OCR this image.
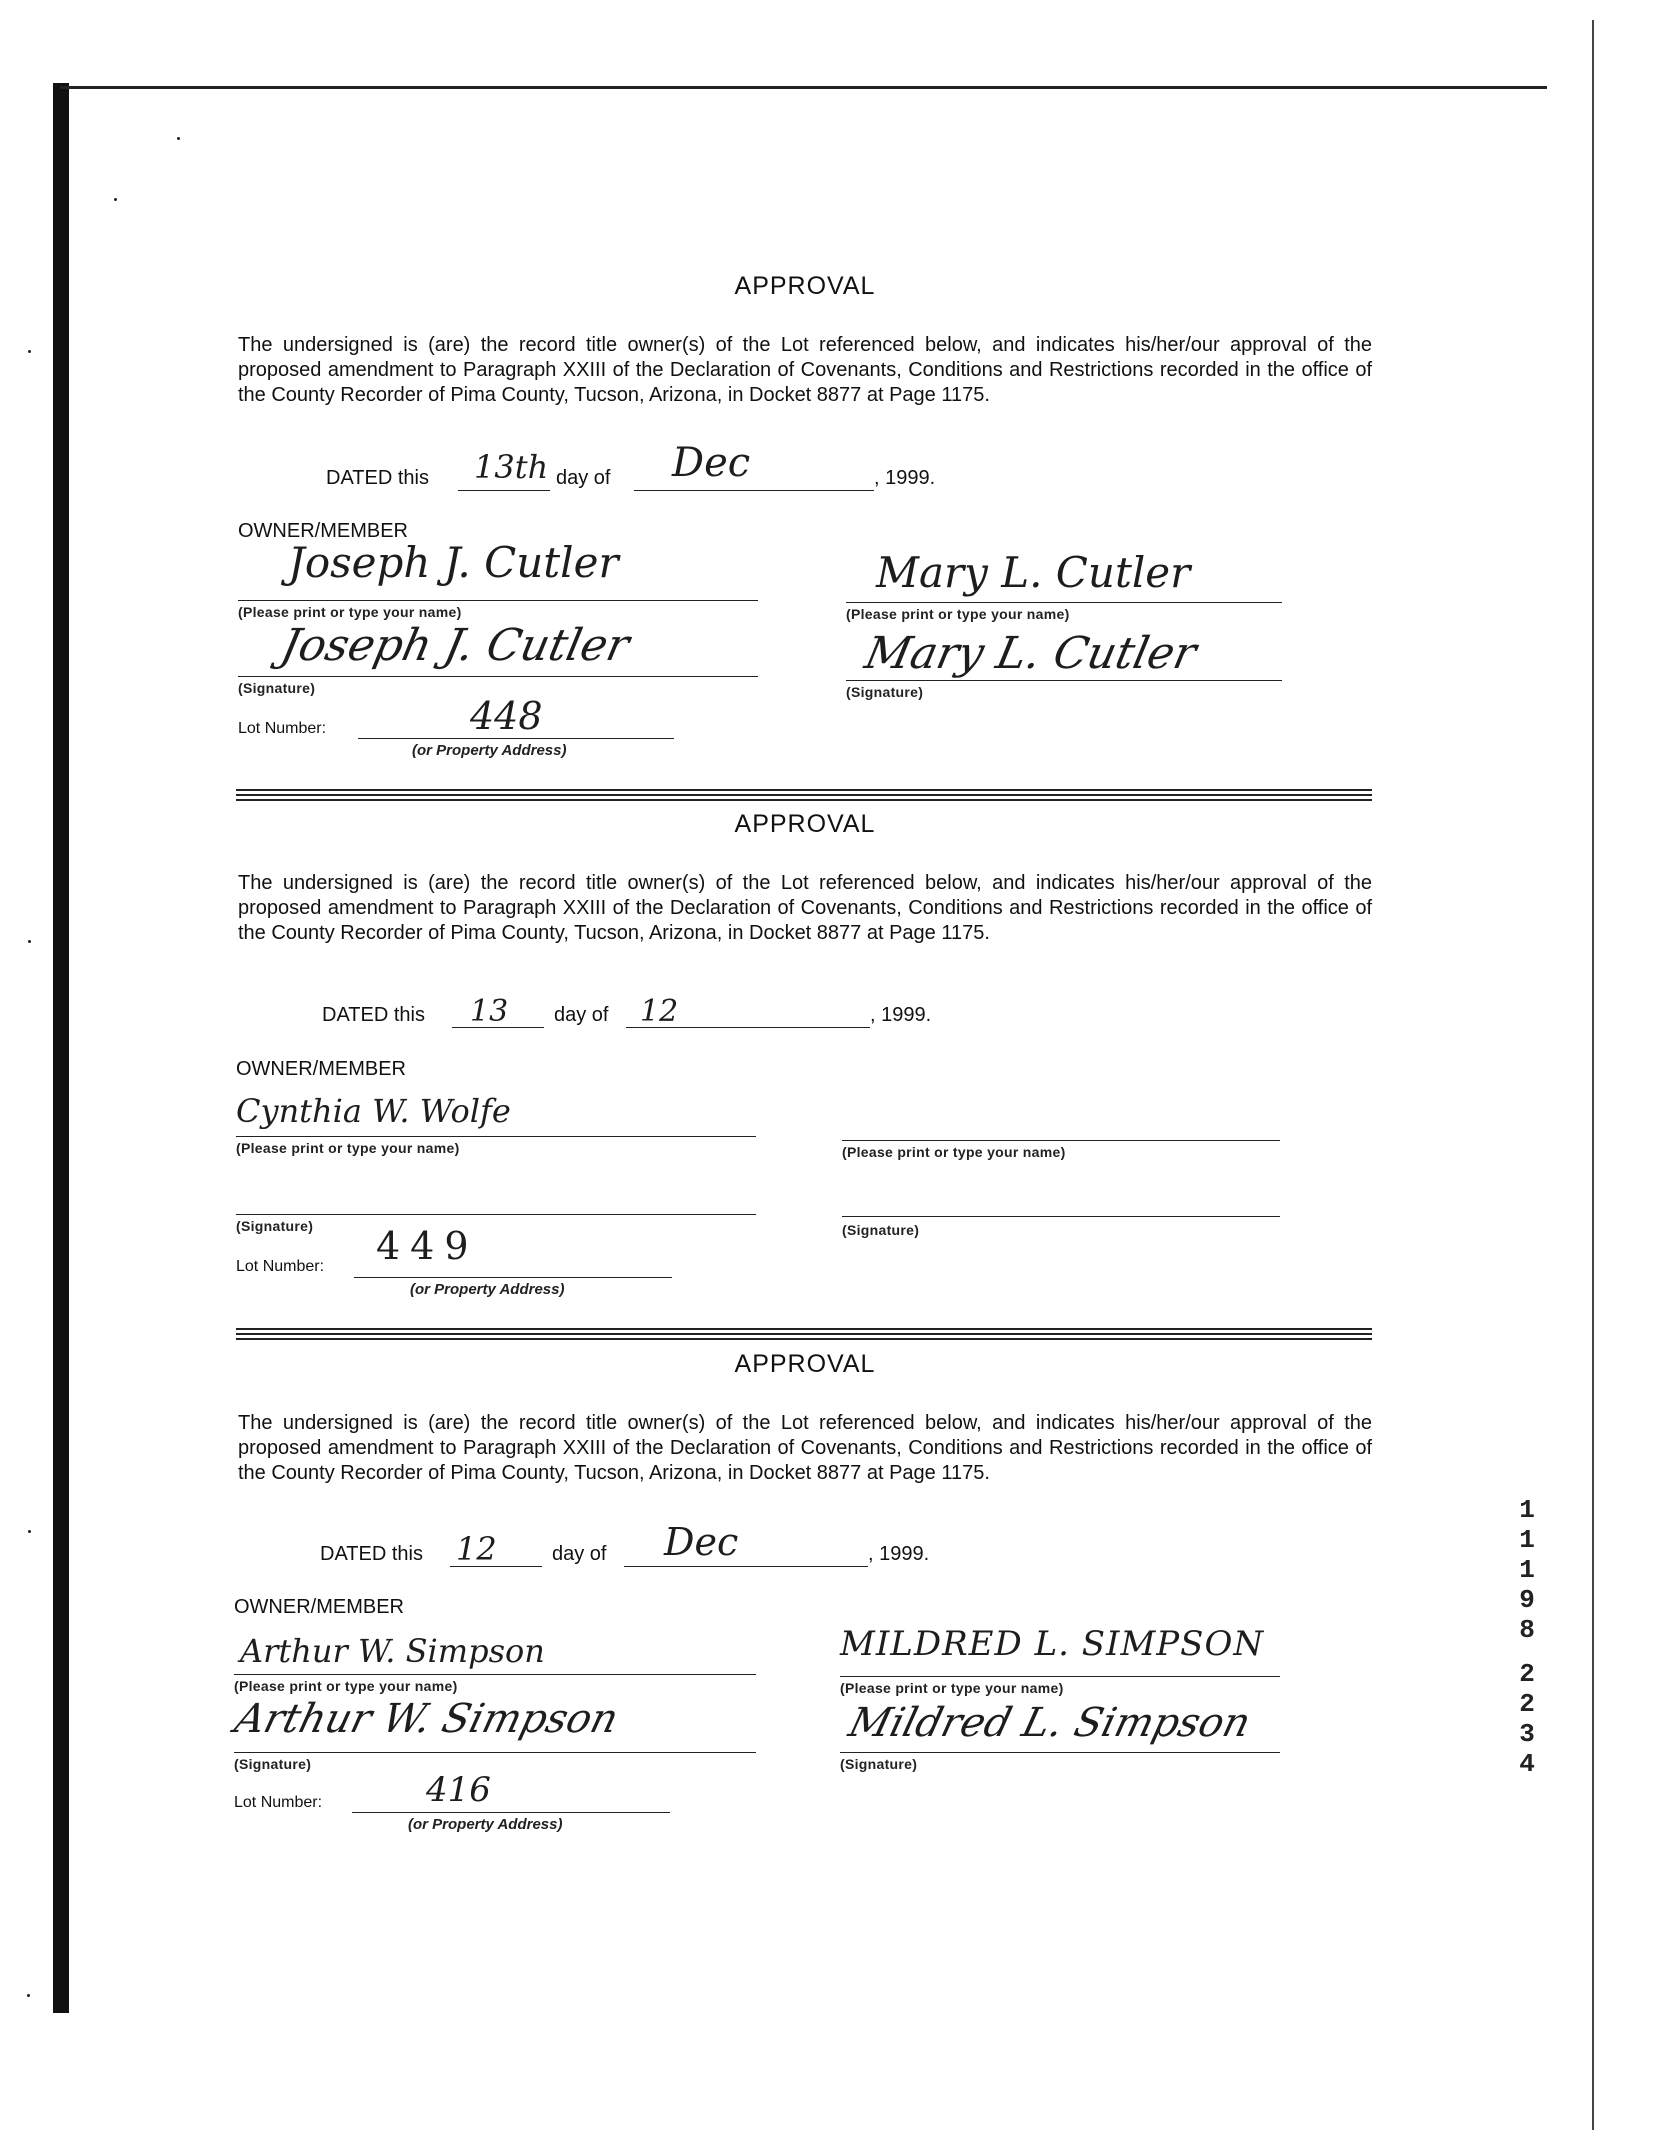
APPROVAL
The undersigned is (are) the record title owner(s) of the Lot referenced below, and indicates his/her/our approval of the proposed amendment to Paragraph XXIII of the Declaration of Covenants, Conditions and Restrictions recorded in the office of the County Recorder of Pima County, Tucson, Arizona, in Docket 8877 at Page 1175.
DATED this 13th day of Dec	, 1999.
OWNER/MEMBER
Joseph J. Cutler
(Please print or type your name)
Joseph J. Cutler
(Signature)
Mary L. Cutler
(Please print or type your name)
Mary L. Cutler
(Signature)
Lot Number:	448
(or Property Address)
APPROVAL
The undersigned is (are) the record title owner(s) of the Lot referenced below, and indicates his/her/our approval of the proposed amendment to Paragraph XXIII of the Declaration of Covenants, Conditions and Restrictions recorded in the office of the County Recorder of Pima County, Tucson, Arizona, in Docket 8877 at Page 1175.
DATED this 13 day of 12	, 1999.
OWNER/MEMBER
Cynthia W. Wolfe
(Please print or type your name)	(Please print or type your name)
(Signature)	(Signature)
Lot Number: 449
(or Property Address)
APPROVAL
The undersigned is (are) the record title owner(s) of the Lot referenced below, and indicates his/her/our approval of the proposed amendment to Paragraph XXIII of the Declaration of Covenants, Conditions and Restrictions recorded in the office of the County Recorder of Pima County, Tucson, Arizona, in Docket 8877 at Page 1175.
DATED this 12	day of Dec	, 1999.
OWNER/MEMBER
Arthur W. Simpson
(Please print or type your name)
Arthur W. Simpson
(Signature)
MILDRED L. SIMPSON
(Please print or type your name)
Mildred L. Simpson
(Signature)
Lot Number:	416
(or Property Address)
1
1
1
9
8
2
2
3
4
